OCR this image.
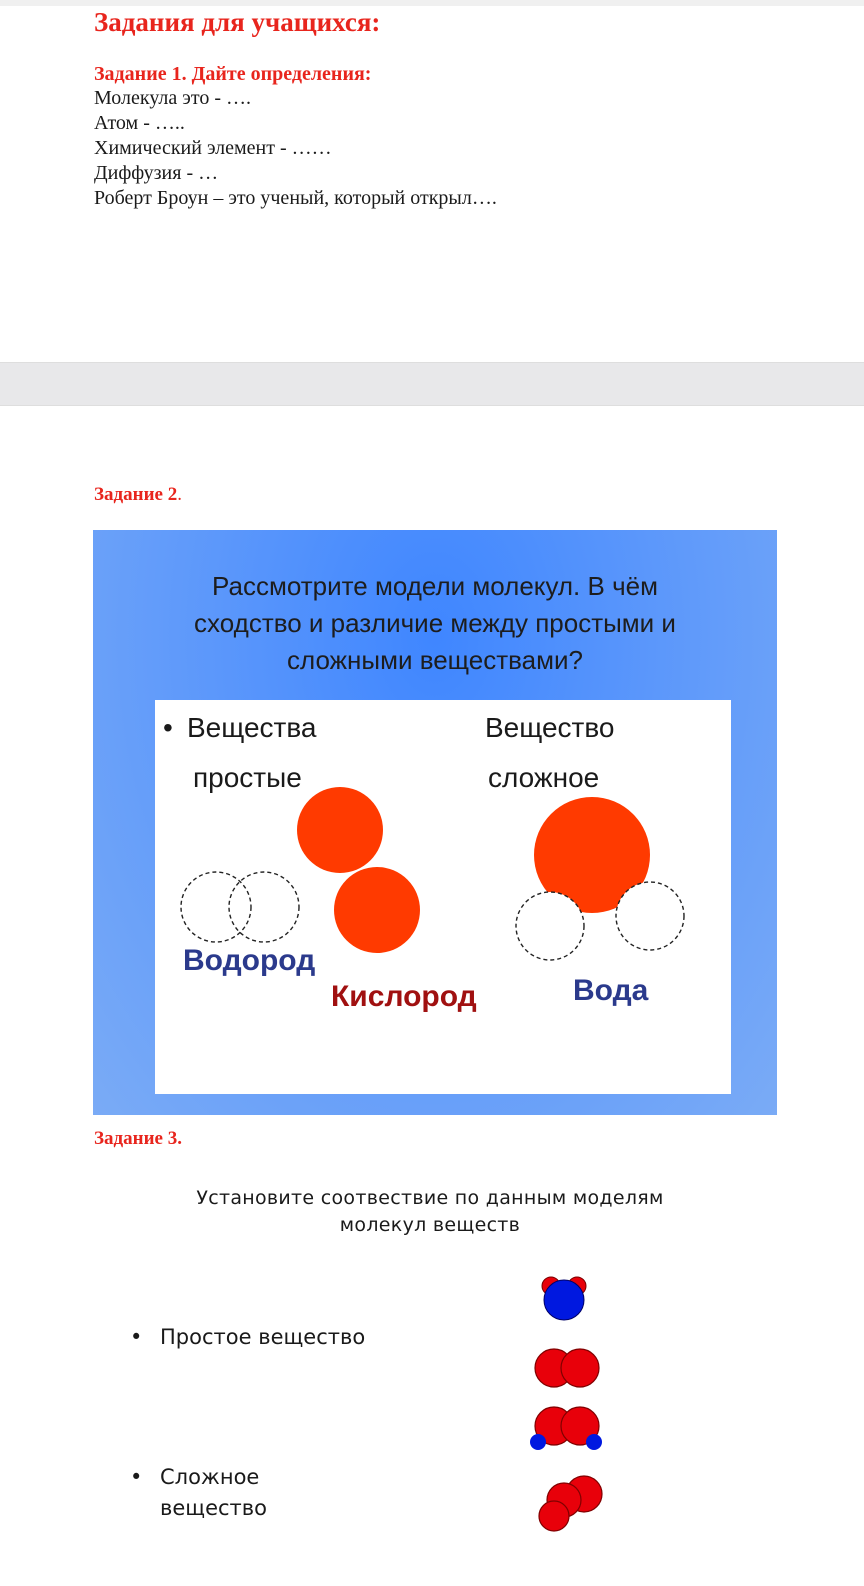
Задания для учащихся:
Задание 1. Дайте определения:
Молекула это - ….
Атом - …..
Химический элемент - ……
Диффузия - …
Роберт Броун – это ученый, который открыл….
Задание 2.
Рассмотрите модели молекул. В чём
сходство и различие между простыми и
сложными веществами?
• Вещества
простые
Вещество
сложное
Водород
Кислород	Вода
Задание 3.
Установите соотвествие по данным моделям
молекул веществ
• Простое вещество
• Сложное
вещество
